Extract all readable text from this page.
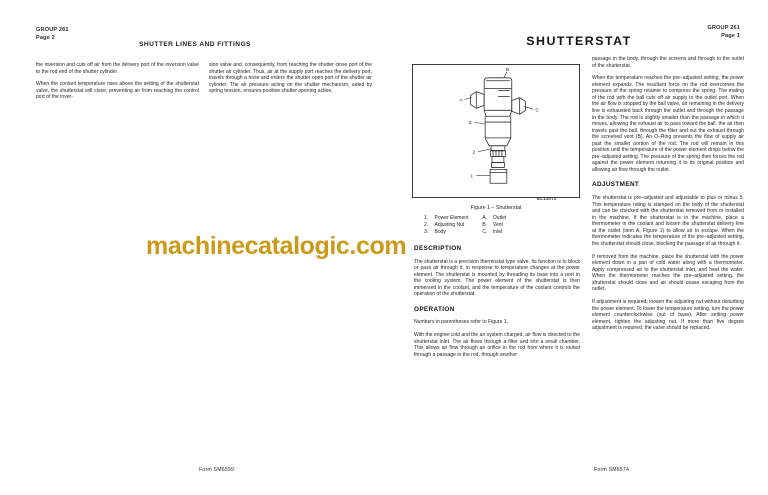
GROUP 261
Page 2
SHUTTER LINES AND FITTINGS

the inversion and cuts off air from the delivery port of the inversion valve to the rod end of the shutter cylinder.

When the coolant temperature rises above the setting of the shutterstat valve, the shutterstat will close, preventing air from reaching the control port of the inver-

sion valve and, consequently, from reaching the shutter close port of the shutter air cylinder. Thus, air at the supply port reaches the delivery port, travels through a hose and enters the shutter open port of the shutter air cylinder. The air pressure acting on the shutter mechanism, aided by spring tension, ensures positive shutter opening action.

Form SM6599
GROUP 261
Page 1
SHUTTERSTAT
B
A
C
3
2
1
EL13072
Figure 1 – Shutterstat
1.	Power Element
2.	Adjusting Nut
3.	Body
A.	Outlet
B.	Vent
C.	Inlet
DESCRIPTION

The shutterstat is a precision thermostat type valve. Its function is to block or pass air through it, in response to temperature changes at the power element. The shutterstat is mounted by threading its base into a port in the cooling system. The power element of the shutterstat is then immersed in the coolant, and the temperature of the coolant controls the operation of the shutterstat.

OPERATION

Numbers in parentheses refer to Figure 1.

With the engine cold and the air system charged, air flow is directed to the shutterstat inlet. The air flows through a filter and into a small chamber. This allows air flow through an orifice in the rod from where it is routed through a passage in the rod, through another

passage in the body, through the screens and through to the outlet of the shutterstat.

When the temperature reaches the pre–adjusted setting, the power element expands. The resultant force on the rod overcomes the pressure of the spring retainer to compress the spring. The mating of the rod with the ball cuts off air supply to the outlet port. When the air flow is stopped by the ball valve, air remaining in the delivery line is exhausted back through the outlet and through the passage in the body. The rod is slightly smaller than the passage in which it moves, allowing the exhaust air to pass toward the ball. the air then travels past the ball, through the filter and out the exhaust through the screened vent (B). An O–Ring prevents the flow of supply air past the smaller portion of the rod. The rod will remain in this position until the temperature of the power element drops below the pre–adjusted setting. The pressure of the spring then forces the rod against the power element returning it to its original position and allowing air flow through the outlet.

ADJUSTMENT

The shutterstat is pre–adjusted and adjustable to plus or minus 5. This temperature rating is stamped on the body of the shutterstat and can be checked with the shutterstat removed from or installed in the machine. If the shutterstat is in the machine, place a thermometer in the coolant and loosen the shutterstat delivery line at the outlet (item A, Figure 1) to allow air to escape. When the thermometer indicates the temperature of the pre–adjusted setting, the shutterstat should close, blocking the passage of air through it.

If removed from the machine, place the shutterstat with the power element down in a pan of cold water along with a thermometer. Apply compressed air to the shutterstat inlet, and heat the water. When the thermometer reaches the pre–adjusted setting, the shutterstat should close and air should cease escaping from the outlet.

If adjustment is required; loosen the adjusting nut without disturbing the power element. To lower the temperature setting, turn the power element counterclockwise (out of base). After setting power element, tighten the adjusting nut. If more than five degree adjustment is required, the valve should be replaced.

Form SM6574
machinecatalogic.com
